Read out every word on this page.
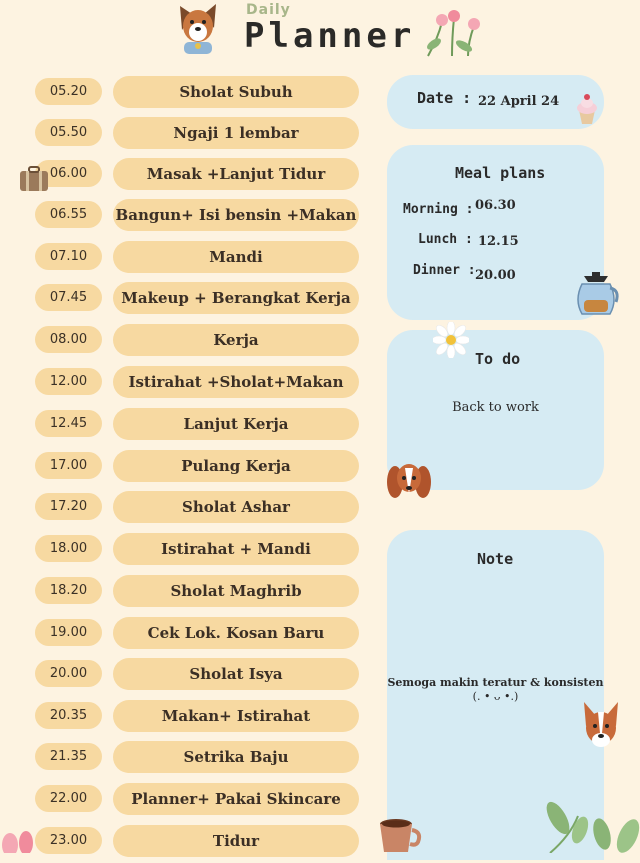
Daily
Planner
05.20	Sholat Subuh
05.50	Ngaji 1 lembar
06.00	Masak +Lanjut Tidur
06.55	Bangun+ Isi bensin +Makan
07.10	Mandi
07.45	Makeup + Berangkat Kerja
08.00	Kerja
12.00	Istirahat +Sholat+Makan
12.45	Lanjut Kerja
17.00	Pulang Kerja
17.20	Sholat Ashar
18.00	Istirahat + Mandi
18.20	Sholat Maghrib
19.00	Cek Lok. Kosan Baru
20.00	Sholat Isya
20.35	Makan+ Istirahat
21.35	Setrika Baju
22.00	Planner+ Pakai Skincare
23.00	Tidur
Date : 22 April 24
Meal plans
Morning : 06.30
Lunch : 12.15
Dinner : 20.00
To do
Back to work
Note
Semoga makin teratur & konsisten
(. • ᴗ •.)
